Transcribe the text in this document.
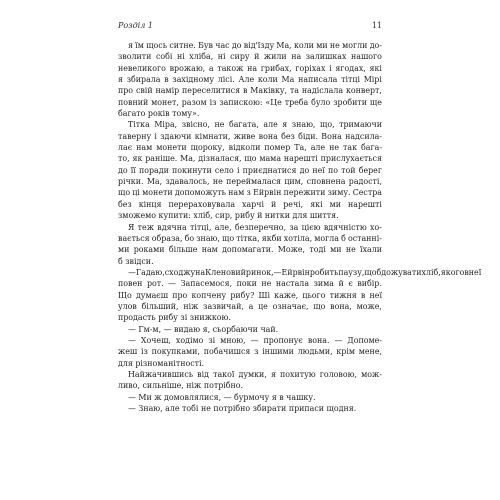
Розділ 1	11
я їм щось ситне. Був час до від'їзду Ма, коли ми не могли до-
зволити собі ні хліба, ні сиру й жили на залишках нашого
невеликого врожаю, а також на грибах, горіхах і ягодах, які
я збирала в західному лісі. Але коли Ма написала тітці Мірі
про свій намір переселитися в Маківку, та надіслала конверт,
повний монет, разом із запискою: «Це треба було зробити ще
багато років тому».
Тітка Міра, звісно, не багата, але я знаю, що, тримаючи
таверну і здаючи кімнати, живе вона без біди. Вона надсила-
лає нам монети щороку, відколи помер Та, але не так бага-
то, як раніше. Ма, дізналася, що мама нарешті прислухається
до її поради покинути село і приєднатися до неї по той берег
річки. Ма, здавалось, не переймалася цим, сповнена радості,
що ці монети допоможуть нам з Ейрвін пережити зиму. Сестра
без кінця перераховувала харчі й речі, які ми нарешті
зможемо купити: хліб, сир, рибу й нитки для шиття.
Я теж вдячна тітці, але, безперечно, за цією вдячністю хо-
вається образа, бо знаю, що тітка, якби хотіла, могла б останні-
ми роками більше нам допомагати. Може, тоді ми не їхали
б звідси.
— Гадаю, сходжу на Кленовий ринок, — Ейрвін робить паузу, щоб дожувати хліб, якого в неї
повен рот. — Запасемося, поки не настала зима й є вибір.
Що думаєш про копчену рибу? Ші каже, цього тижня в неї
улов більший, ніж зазвичай, а це означає, що вона, може,
продасть рибу зі знижкою.
— Гм-м, — видаю я, сьорбаючи чай.
— Хочеш, ходімо зі мною, — пропонує вона. — Допоме-
жеш із покупками, побачишся з іншими людьми, крім мене,
для різноманітності.
Найжачившись від такої думки, я похитую головою, мож-
ливо, сильніше, ніж потрібно.
— Ми ж домовлялися, — бурмочу я в чашку.
— Знаю, але тобі не потрібно збирати припаси щодня.
